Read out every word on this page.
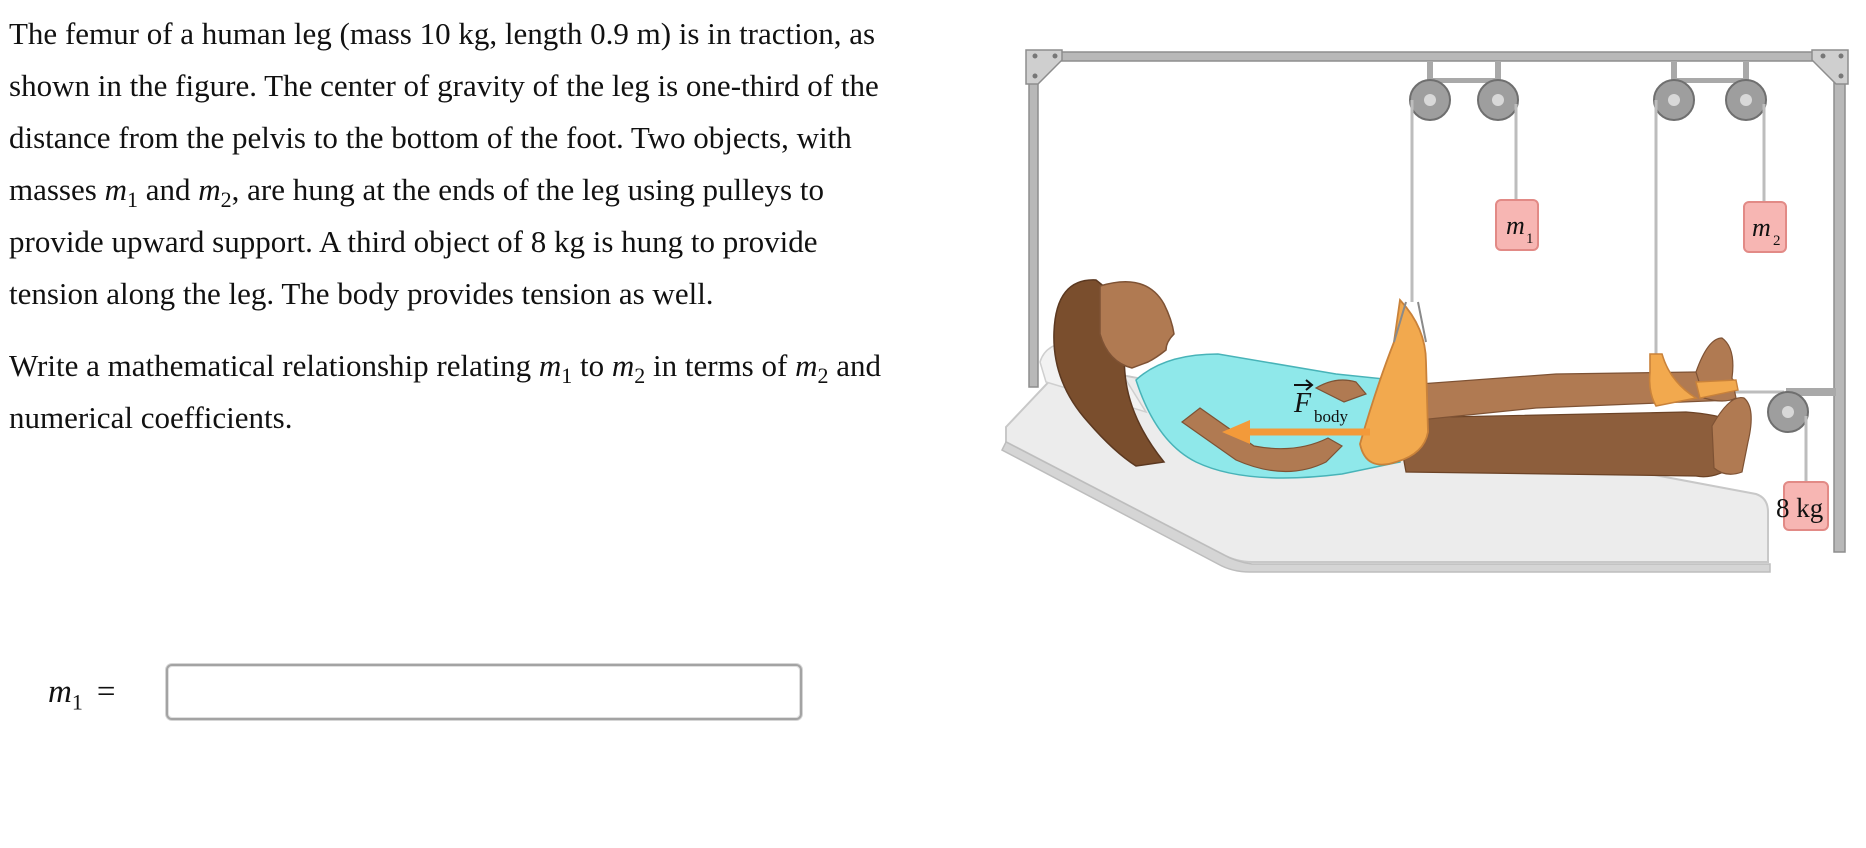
The femur of a human leg (mass 10 kg, length 0.9 m) is in traction, as shown in the figure. The center of gravity of the leg is one-third of the distance from the pelvis to the bottom of the foot. Two objects, with masses $m_1$ and $m_2$, are hung at the ends of the leg using pulleys to provide upward support. A third object of 8 kg is hung to provide tension along the leg. The body provides tension as well.

Write a mathematical relationship relating $m_1$ to $m_2$ in terms of $m_2$ and numerical coefficients.

$m_1$ =
m 1	m 2
8 kg
F body
